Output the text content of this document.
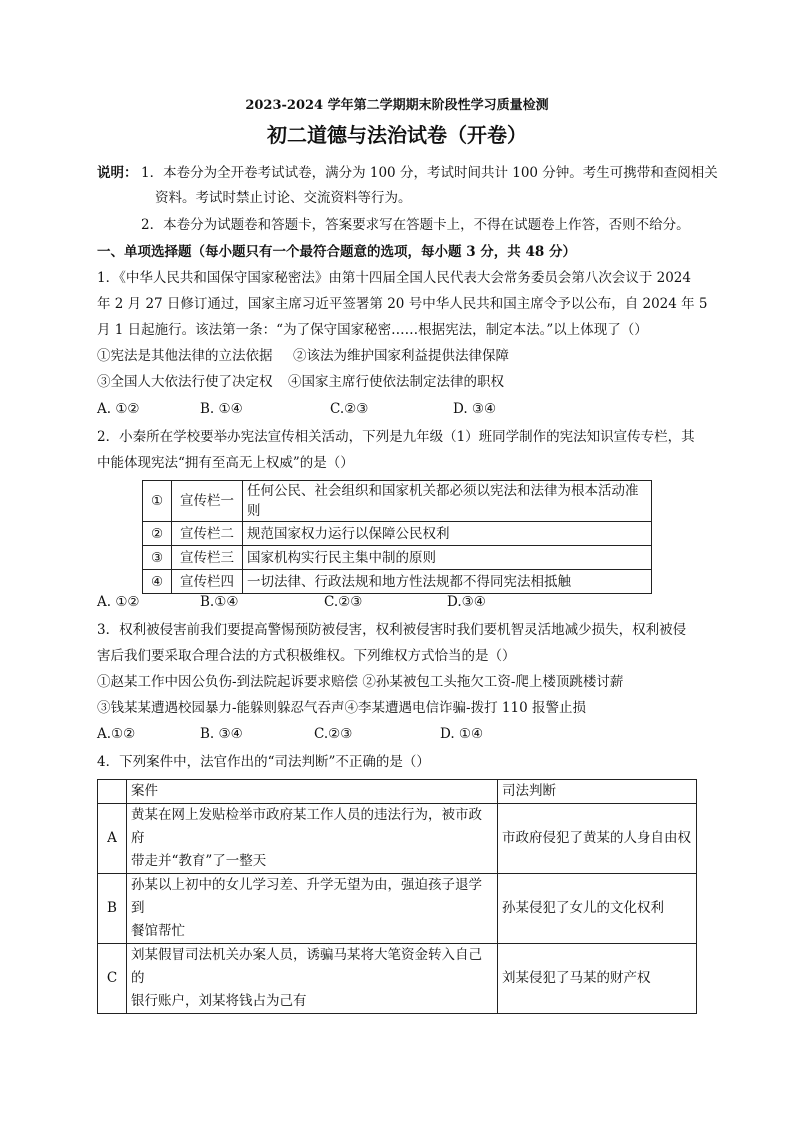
2023-2024 学年第二学期期末阶段性学习质量检测
初二道德与法治试卷（开卷）
说明： 1．本卷分为全开卷考试试卷，满分为 100 分，考试时间共计 100 分钟。考生可携带和查阅相关
资料。考试时禁止讨论、交流资料等行为。
2．本卷分为试题卷和答题卡，答案要求写在答题卡上，不得在试题卷上作答，否则不给分。
一、单项选择题（每小题只有一个最符合题意的选项，每小题 3 分，共 48 分）
1．《中华人民共和国保守国家秘密法》由第十四届全国人民代表大会常务委员会第八次会议于 2024
年 2 月 27 日修订通过，国家主席习近平签署第 20 号中华人民共和国主席令予以公布，自 2024 年 5
月 1 日起施行。该法第一条：“为了保守国家秘密……根据宪法，制定本法。”以上体现了（）
①宪法是其他法律的立法依据 ②该法为维护国家利益提供法律保障
③全国人大依法行使了决定权 ④国家主席行使依法制定法律的职权
A. ①②	B. ①④	C.②③	D. ③④
2．小秦所在学校要举办宪法宣传相关活动，下列是九年级（1）班同学制作的宪法知识宣传专栏，其
中能体现宪法“拥有至高无上权威”的是（）
①	宣传栏一	任何公民、社会组织和国家机关都必须以宪法和法律为根本活动准则
②	宣传栏二	规范国家权力运行以保障公民权利
③	宣传栏三	国家机构实行民主集中制的原则
④	宣传栏四	一切法律、行政法规和地方性法规都不得同宪法相抵触
A. ①②	B.①④	C.②③	D.③④
3．权利被侵害前我们要提高警惕预防被侵害，权利被侵害时我们要机智灵活地减少损失，权利被侵
害后我们要采取合理合法的方式积极维权。下列维权方式恰当的是（）
①赵某工作中因公负伤-到法院起诉要求赔偿 ②孙某被包工头拖欠工资-爬上楼顶跳楼讨薪
③钱某某遭遇校园暴力-能躲则躲忍气吞声④李某遭遇电信诈骗-拨打 110 报警止损
A.①②	B. ③④	C.②③	D. ①④
4．下列案件中，法官作出的“司法判断”不正确的是（）
	案件	司法判断
A	黄某在网上发贴检举市政府某工作人员的违法行为，被市政府
带走并“教育”了一整天	市政府侵犯了黄某的人身自由权
B	孙某以上初中的女儿学习差、升学无望为由，强迫孩子退学到
餐馆帮忙	孙某侵犯了女儿的文化权利
C	刘某假冒司法机关办案人员，诱骗马某将大笔资金转入自己的
银行账户，刘某将钱占为己有	刘某侵犯了马某的财产权
